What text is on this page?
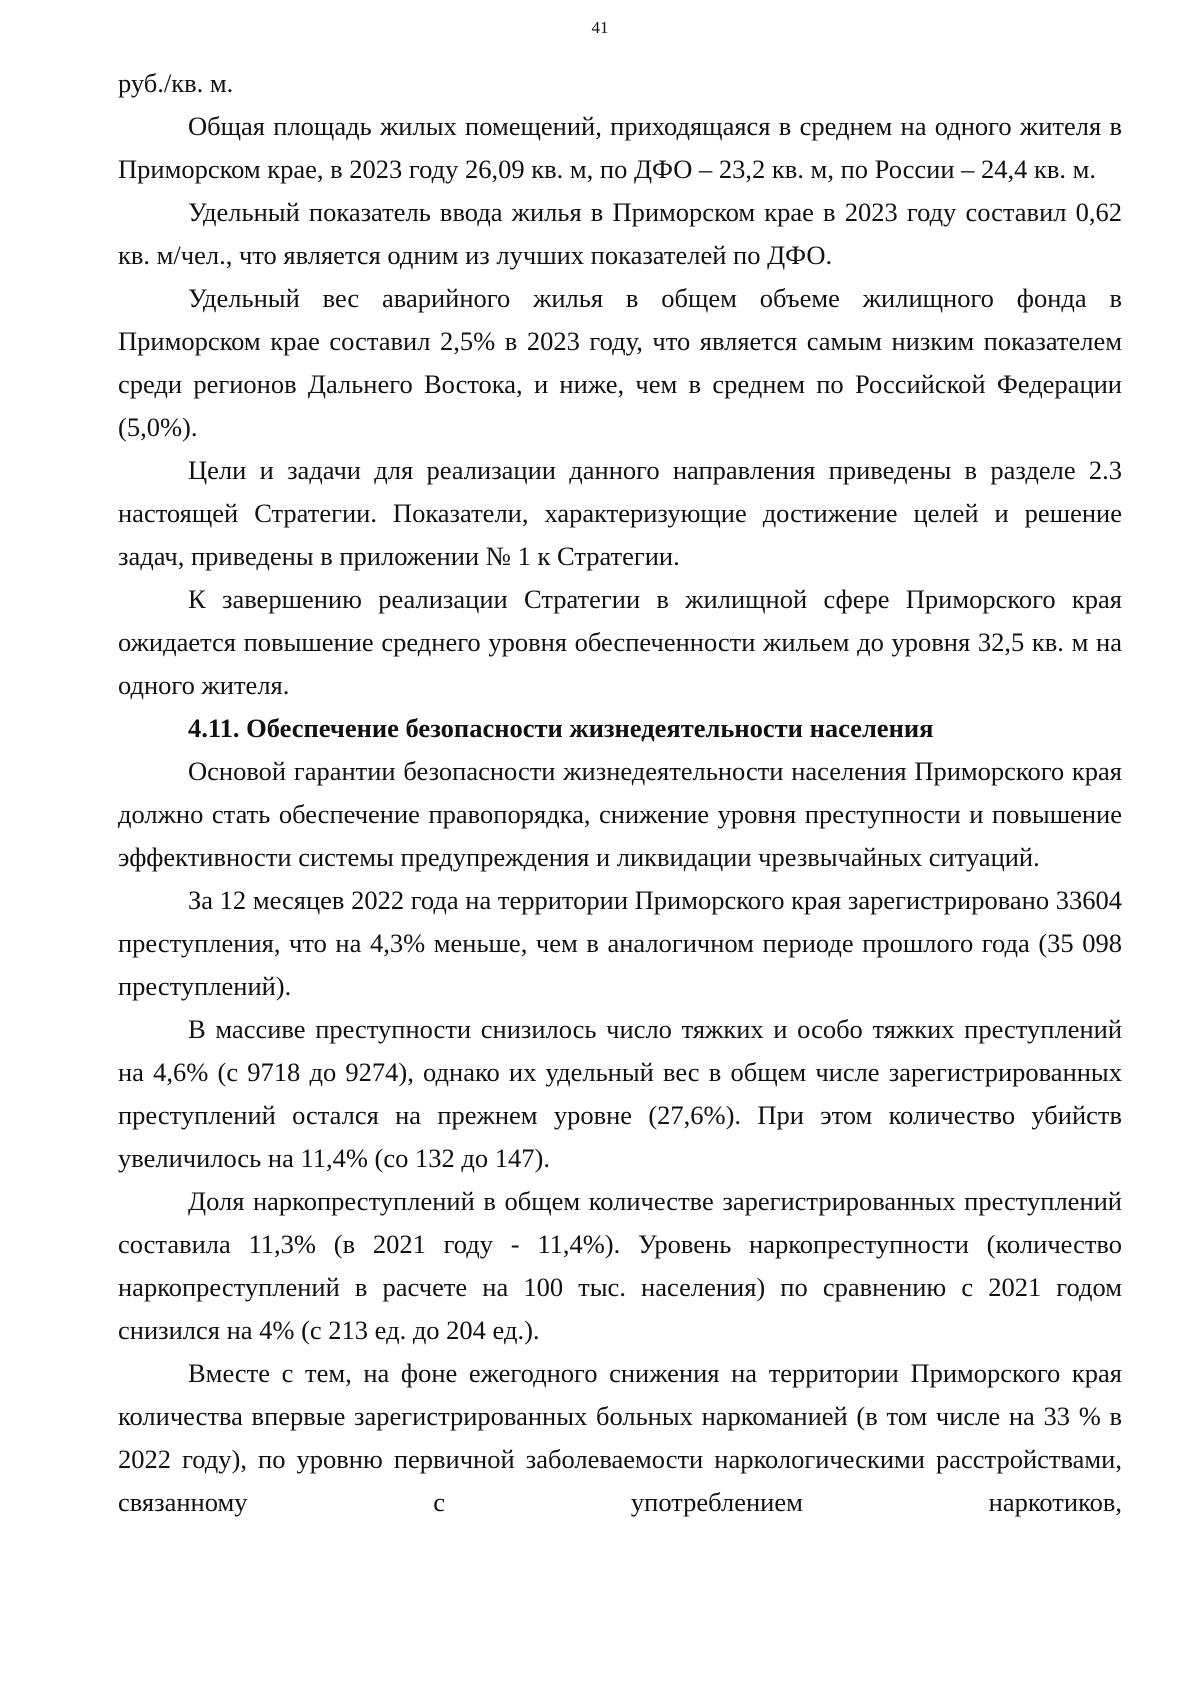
41

руб./кв. м.

Общая площадь жилых помещений, приходящаяся в среднем на одного жителя в Приморском крае, в 2023 году 26,09 кв. м, по ДФО – 23,2 кв. м, по России – 24,4 кв. м.

Удельный показатель ввода жилья в Приморском крае в 2023 году составил 0,62 кв. м/чел., что является одним из лучших показателей по ДФО.

Удельный вес аварийного жилья в общем объеме жилищного фонда в Приморском крае составил 2,5% в 2023 году, что является самым низким показателем среди регионов Дальнего Востока, и ниже, чем в среднем по Российской Федерации (5,0%).

Цели и задачи для реализации данного направления приведены в разделе 2.3 настоящей Стратегии. Показатели, характеризующие достижение целей и решение задач, приведены в приложении № 1 к Стратегии.

К завершению реализации Стратегии в жилищной сфере Приморского края ожидается повышение среднего уровня обеспеченности жильем до уровня 32,5 кв. м на одного жителя.

4.11. Обеспечение безопасности жизнедеятельности населения

Основой гарантии безопасности жизнедеятельности населения Приморского края должно стать обеспечение правопорядка, снижение уровня преступности и повышение эффективности системы предупреждения и ликвидации чрезвычайных ситуаций.

За 12 месяцев 2022 года на территории Приморского края зарегистрировано 33604 преступления, что на 4,3% меньше, чем в аналогичном периоде прошлого года (35 098 преступлений).

В массиве преступности снизилось число тяжких и особо тяжких преступлений на 4,6% (с 9718 до 9274), однако их удельный вес в общем числе зарегистрированных преступлений остался на прежнем уровне (27,6%). При этом количество убийств увеличилось на 11,4% (со 132 до 147).

Доля наркопреступлений в общем количестве зарегистрированных преступлений составила 11,3% (в 2021 году - 11,4%). Уровень наркопреступности (количество наркопреступлений в расчете на 100 тыс. населения) по сравнению с 2021 годом снизился на 4% (с 213 ед. до 204 ед.).

Вместе с тем, на фоне ежегодного снижения на территории Приморского края количества впервые зарегистрированных больных наркоманией (в том числе на 33 % в 2022 году), по уровню первичной заболеваемости наркологическими расстройствами, связанному с употреблением наркотиков,
